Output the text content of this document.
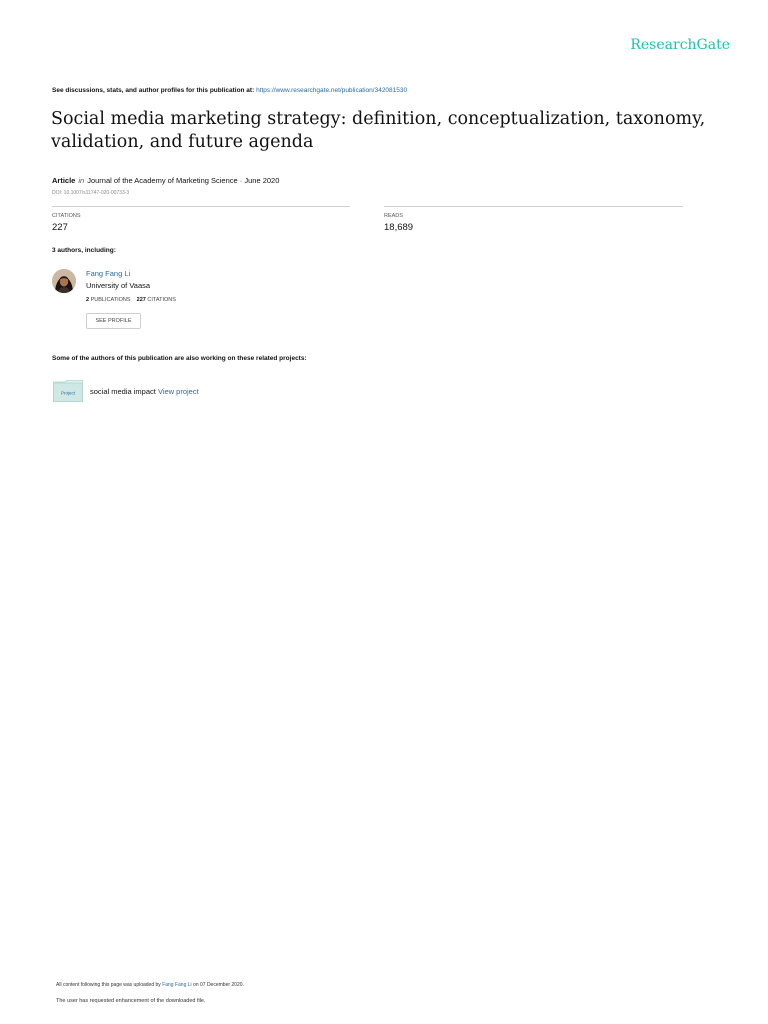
ResearchGate
See discussions, stats, and author profiles for this publication at: https://www.researchgate.net/publication/342081530
Social media marketing strategy: definition, conceptualization, taxonomy, validation, and future agenda
Article in Journal of the Academy of Marketing Science · June 2020
DOI: 10.1007/s11747-020-00733-3
CITATIONS
227
READS
18,689
3 authors, including:
Fang Fang Li
University of Vaasa
2 PUBLICATIONS 227 CITATIONS
SEE PROFILE
Some of the authors of this publication are also working on these related projects:
Project social media impact View project
All content following this page was uploaded by Fang Fang Li on 07 December 2020.
The user has requested enhancement of the downloaded file.
